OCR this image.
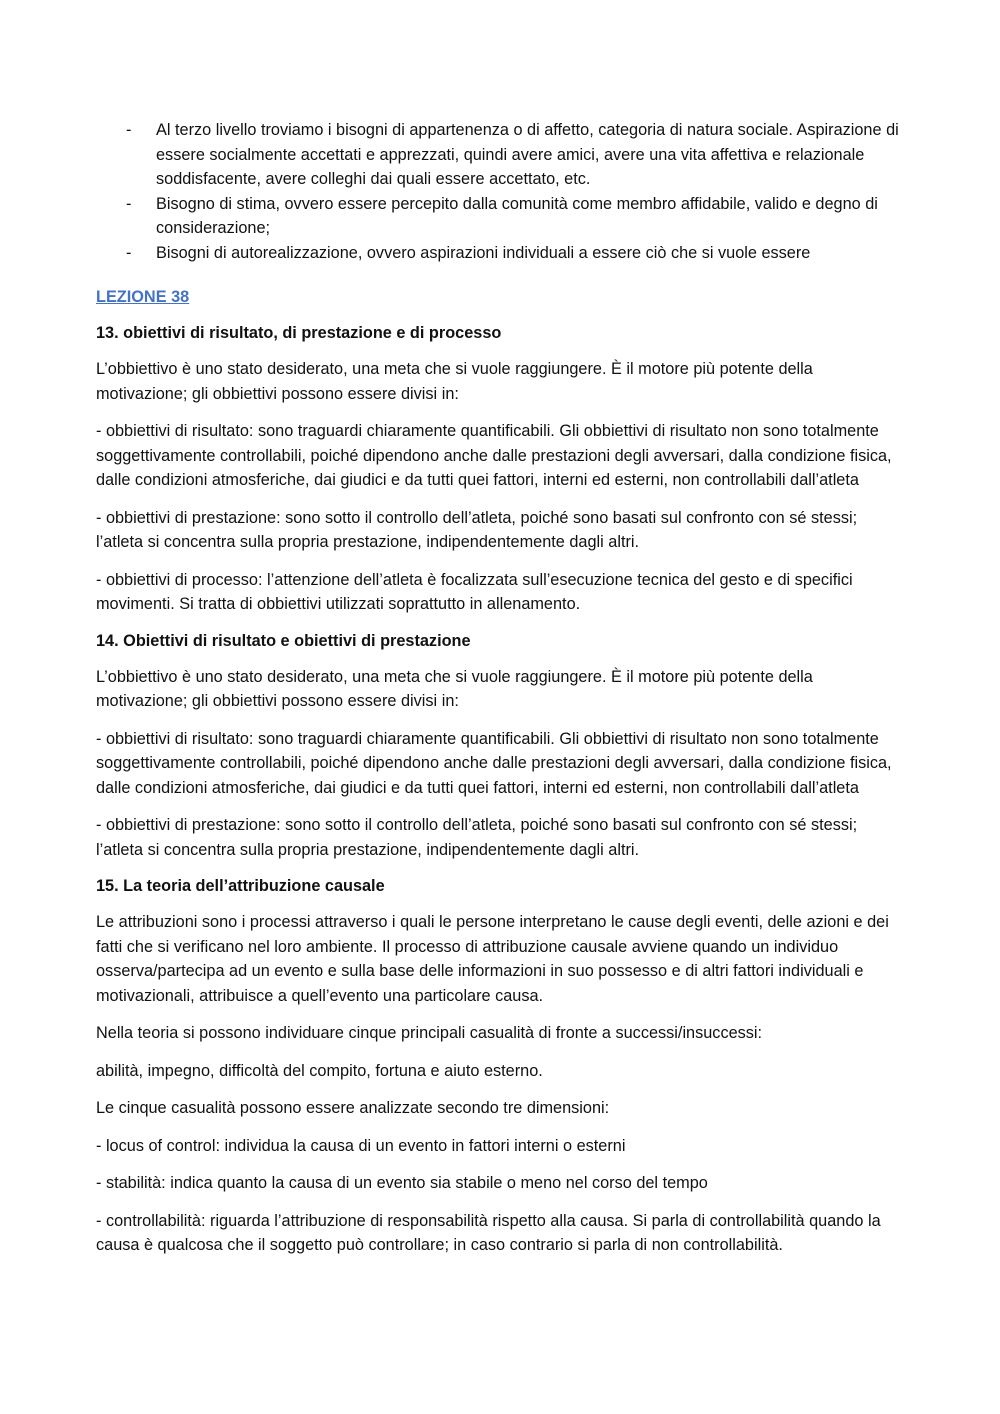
- Al terzo livello troviamo i bisogni di appartenenza o di affetto, categoria di natura sociale. Aspirazione di essere socialmente accettati e apprezzati, quindi avere amici, avere una vita affettiva e relazionale soddisfacente, avere colleghi dai quali essere accettato, etc.
- Bisogno di stima, ovvero essere percepito dalla comunità come membro affidabile, valido e degno di considerazione;
- Bisogni di autorealizzazione, ovvero aspirazioni individuali a essere ciò che si vuole essere
LEZIONE 38
13. obiettivi di risultato, di prestazione e di processo

L’obbiettivo è uno stato desiderato, una meta che si vuole raggiungere. È il motore più potente della motivazione; gli obbiettivi possono essere divisi in:

- obbiettivi di risultato: sono traguardi chiaramente quantificabili. Gli obbiettivi di risultato non sono totalmente soggettivamente controllabili, poiché dipendono anche dalle prestazioni degli avversari, dalla condizione fisica, dalle condizioni atmosferiche, dai giudici e da tutti quei fattori, interni ed esterni, non controllabili dall’atleta

- obbiettivi di prestazione: sono sotto il controllo dell’atleta, poiché sono basati sul confronto con sé stessi; l’atleta si concentra sulla propria prestazione, indipendentemente dagli altri.

- obbiettivi di processo: l’attenzione dell’atleta è focalizzata sull’esecuzione tecnica del gesto e di specifici movimenti. Si tratta di obbiettivi utilizzati soprattutto in allenamento.

14. Obiettivi di risultato e obiettivi di prestazione

L’obbiettivo è uno stato desiderato, una meta che si vuole raggiungere. È il motore più potente della motivazione; gli obbiettivi possono essere divisi in:

- obbiettivi di risultato: sono traguardi chiaramente quantificabili. Gli obbiettivi di risultato non sono totalmente soggettivamente controllabili, poiché dipendono anche dalle prestazioni degli avversari, dalla condizione fisica, dalle condizioni atmosferiche, dai giudici e da tutti quei fattori, interni ed esterni, non controllabili dall’atleta

- obbiettivi di prestazione: sono sotto il controllo dell’atleta, poiché sono basati sul confronto con sé stessi; l’atleta si concentra sulla propria prestazione, indipendentemente dagli altri.

15. La teoria dell’attribuzione causale

Le attribuzioni sono i processi attraverso i quali le persone interpretano le cause degli eventi, delle azioni e dei fatti che si verificano nel loro ambiente. Il processo di attribuzione causale avviene quando un individuo osserva/partecipa ad un evento e sulla base delle informazioni in suo possesso e di altri fattori individuali e motivazionali, attribuisce a quell’evento una particolare causa.

Nella teoria si possono individuare cinque principali casualità di fronte a successi/insuccessi:

abilità, impegno, difficoltà del compito, fortuna e aiuto esterno.

Le cinque casualità possono essere analizzate secondo tre dimensioni:

- locus of control: individua la causa di un evento in fattori interni o esterni

- stabilità: indica quanto la causa di un evento sia stabile o meno nel corso del tempo

- controllabilità: riguarda l’attribuzione di responsabilità rispetto alla causa. Si parla di controllabilità quando la causa è qualcosa che il soggetto può controllare; in caso contrario si parla di non controllabilità.
